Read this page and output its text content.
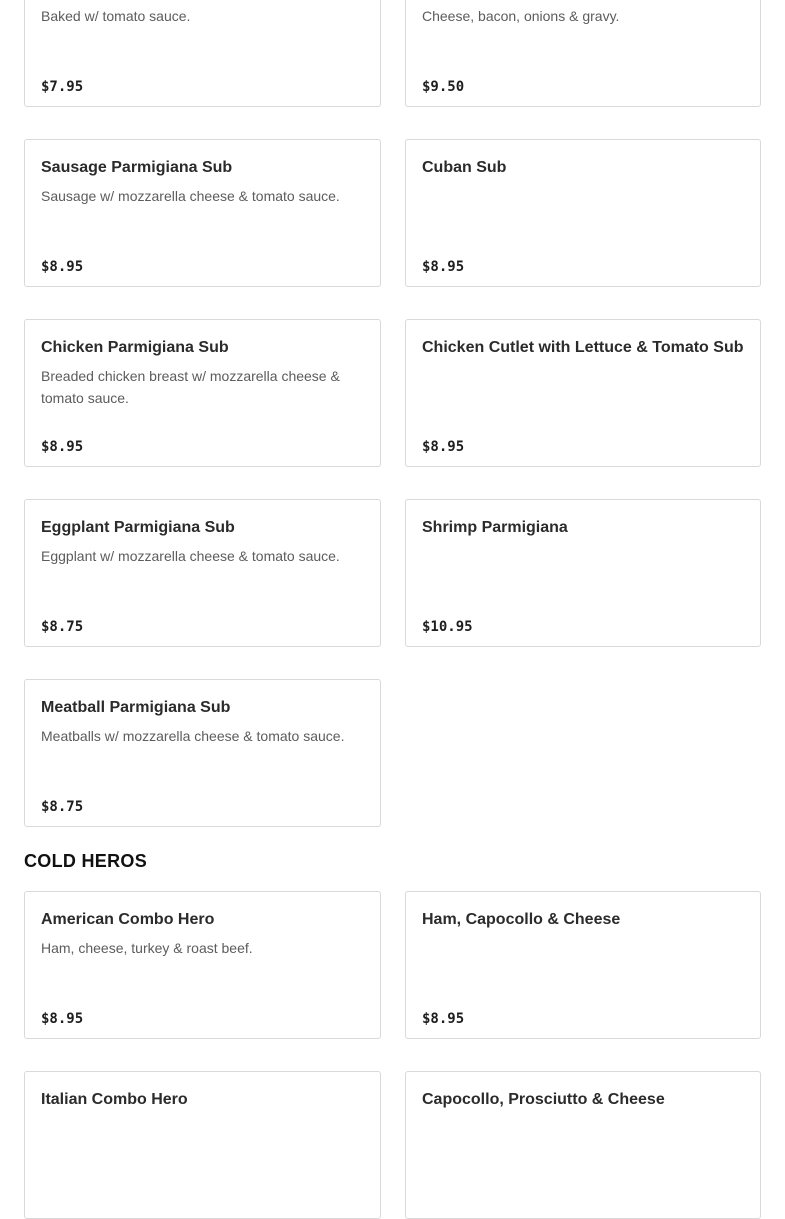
Baked w/ tomato sauce.
$7.95
Cheese, bacon, onions & gravy.
$9.50
Sausage Parmigiana Sub
Sausage w/ mozzarella cheese & tomato sauce.
$8.95
Cuban Sub
$8.95
Chicken Parmigiana Sub
Breaded chicken breast w/ mozzarella cheese & tomato sauce.
$8.95
Chicken Cutlet with Lettuce & Tomato Sub
$8.95
Eggplant Parmigiana Sub
Eggplant w/ mozzarella cheese & tomato sauce.
$8.75
Shrimp Parmigiana
$10.95
Meatball Parmigiana Sub
Meatballs w/ mozzarella cheese & tomato sauce.
$8.75
COLD HEROS
American Combo Hero
Ham, cheese, turkey & roast beef.
$8.95
Ham, Capocollo & Cheese
$8.95
Italian Combo Hero	Capocollo, Prosciutto & Cheese
